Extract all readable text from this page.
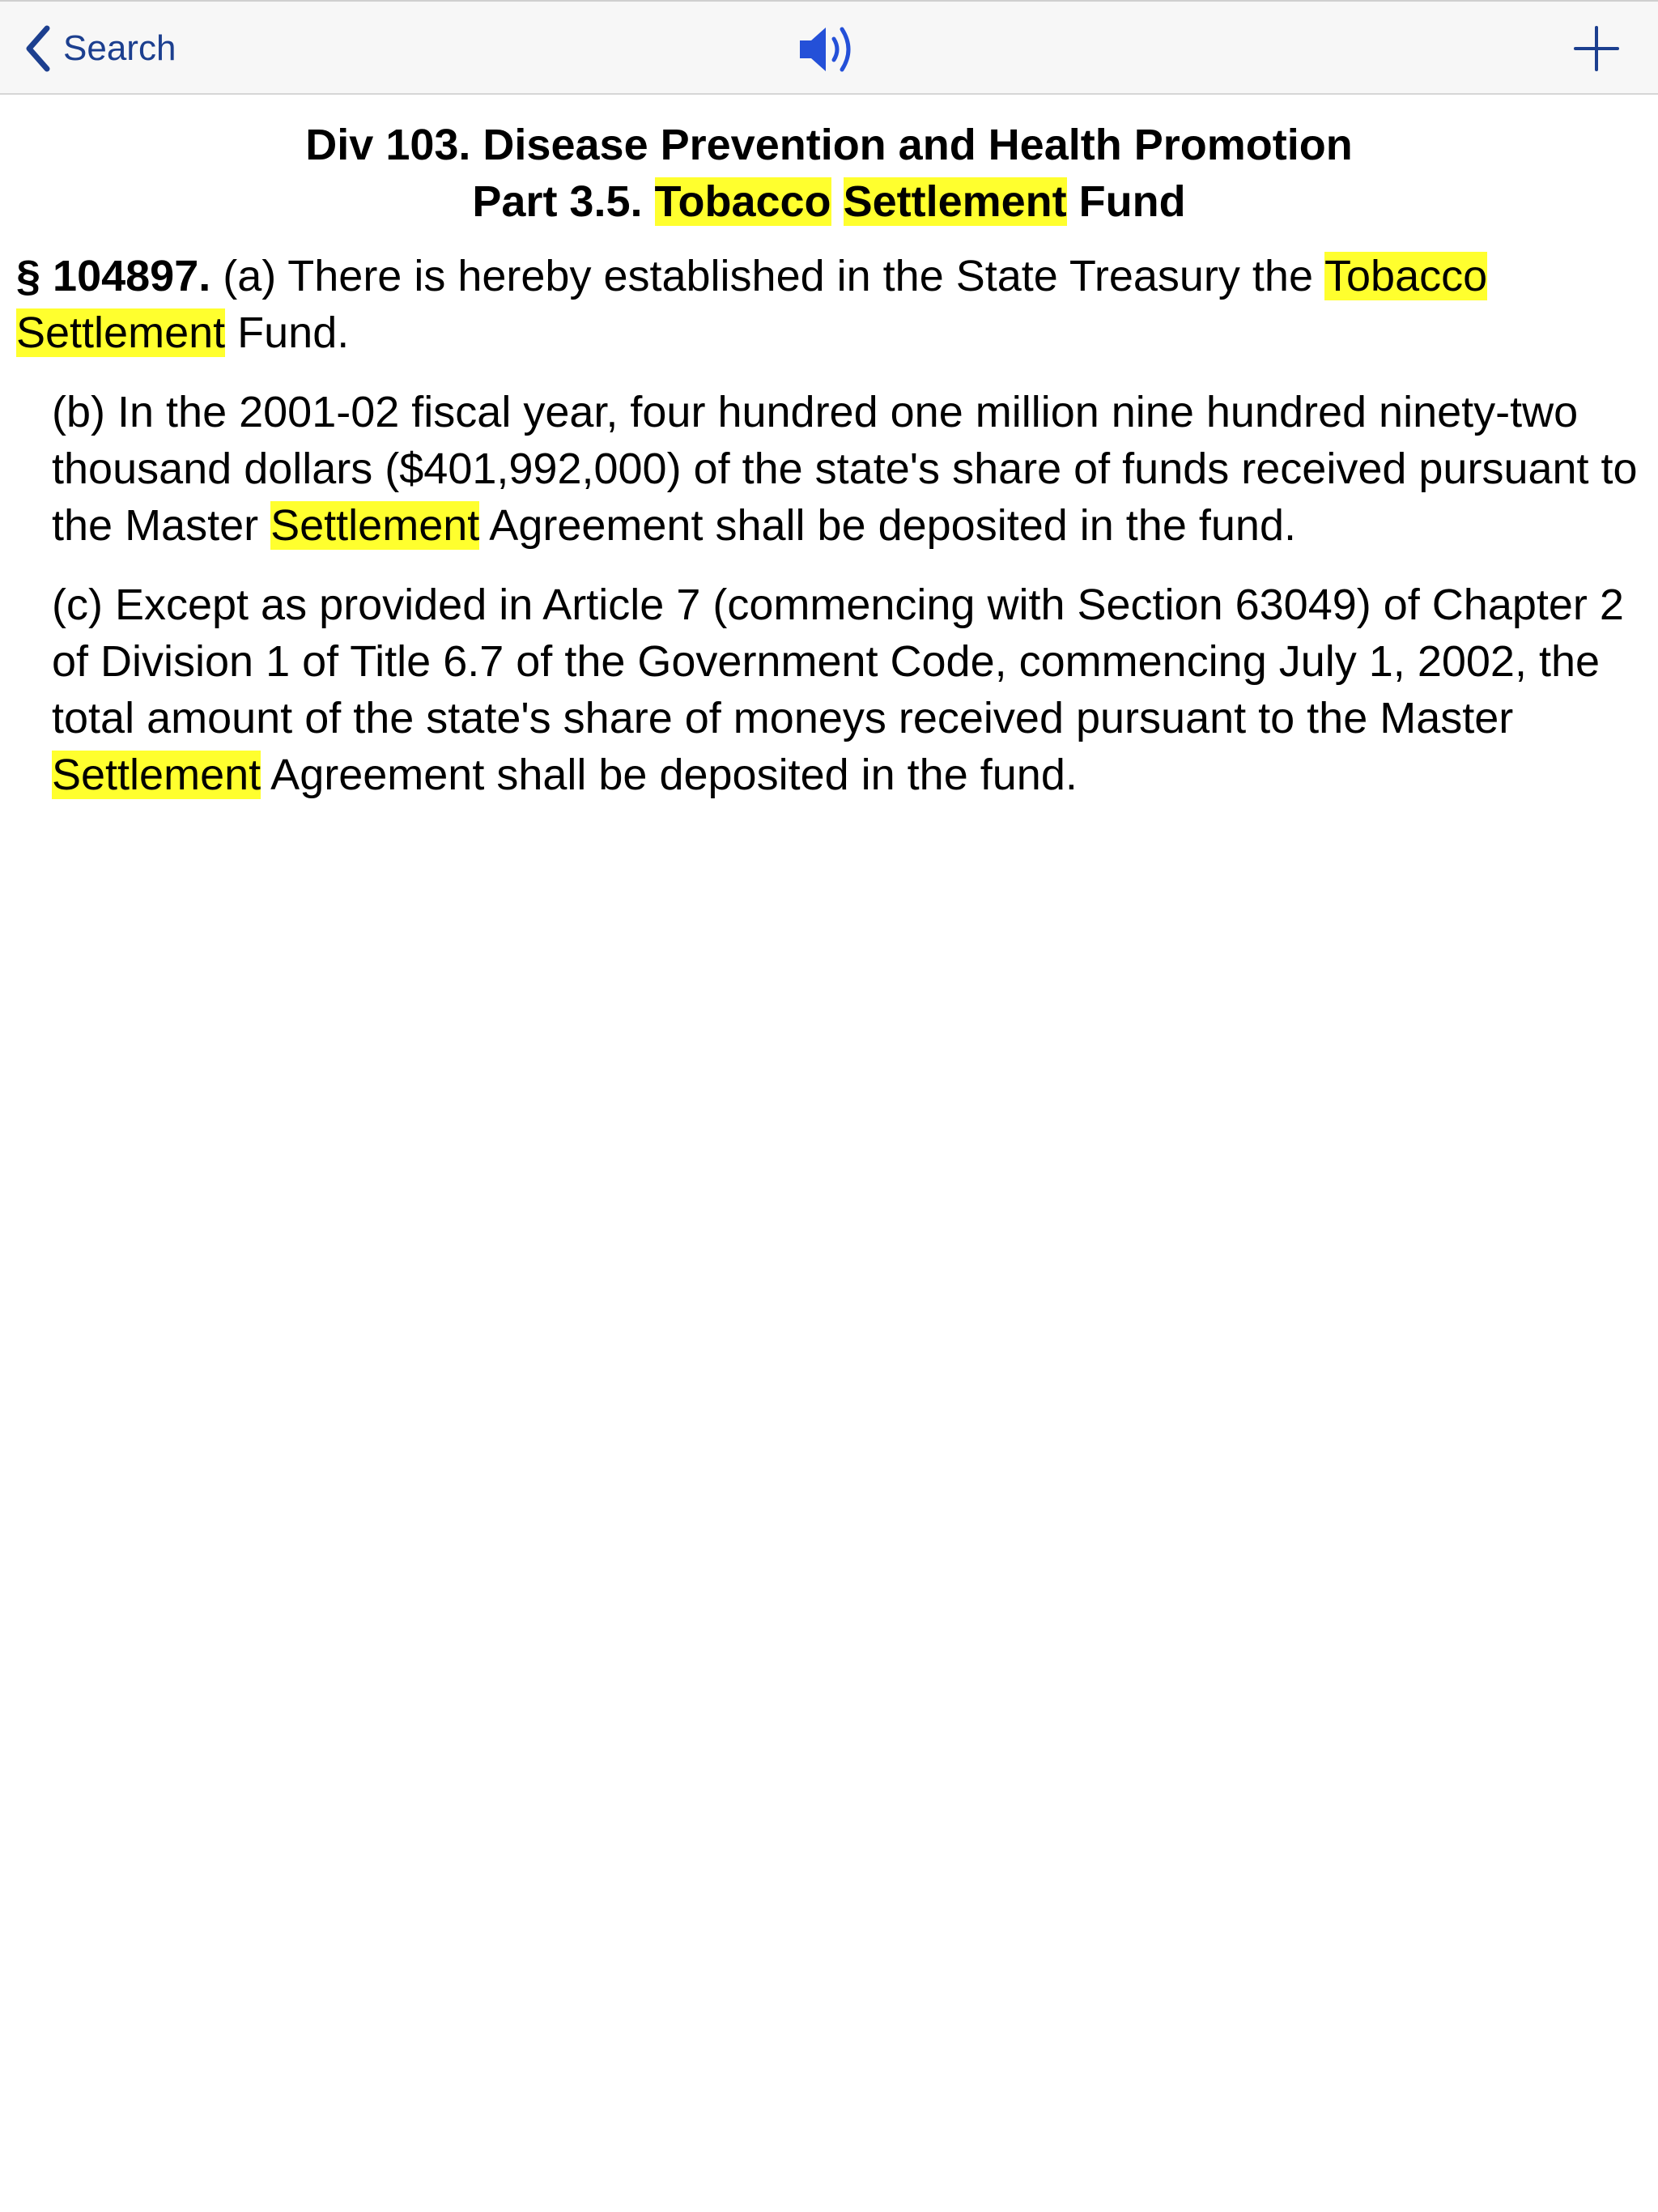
Search
Div 103. Disease Prevention and Health Promotion
Part 3.5. Tobacco Settlement Fund
§ 104897. (a) There is hereby established in the State Treasury the Tobacco Settlement Fund.
(b) In the 2001-02 fiscal year, four hundred one million nine hundred ninety-two thousand dollars ($401,992,000) of the state's share of funds received pursuant to the Master Settlement Agreement shall be deposited in the fund.
(c) Except as provided in Article 7 (commencing with Section 63049) of Chapter 2 of Division 1 of Title 6.7 of the Government Code, commencing July 1, 2002, the total amount of the state's share of moneys received pursuant to the Master Settlement Agreement shall be deposited in the fund.
